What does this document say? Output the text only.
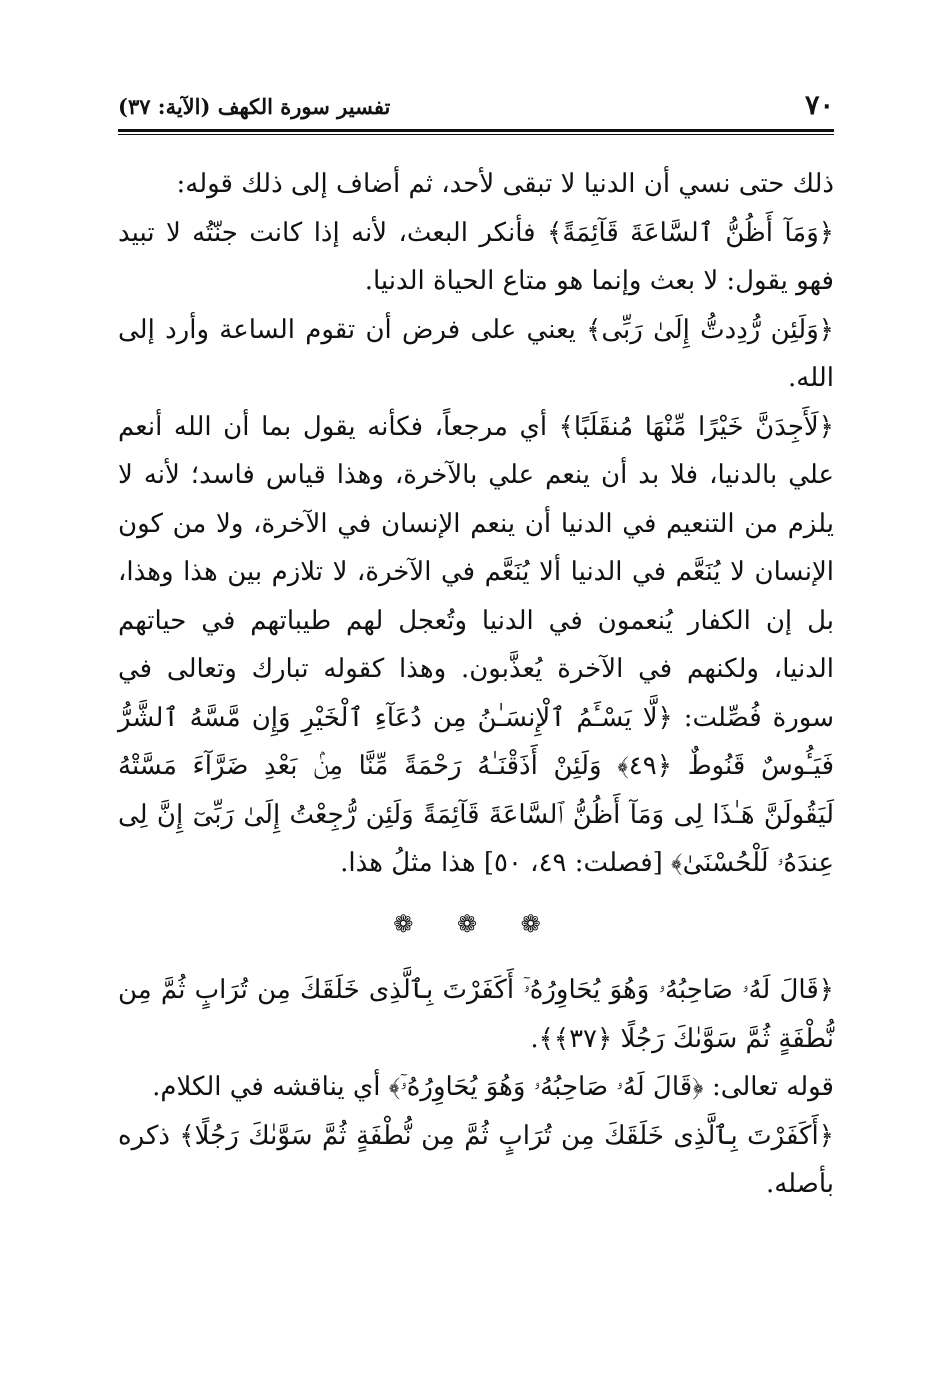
٧٠
تفسير سورة الكهف (الآية: ٣٧)

ذلك حتى نسي أن الدنيا لا تبقى لأحد، ثم أضاف إلى ذلك قوله:

﴿وَمَآ أَظُنُّ ٱلسَّاعَةَ قَآئِمَةً﴾ فأنكر البعث، لأنه إذا كانت جنّتُه لا تبيد فهو يقول: لا بعث وإنما هو متاع الحياة الدنيا.

﴿وَلَئِن رُّدِدتُّ إِلَىٰ رَبِّى﴾ يعني على فرض أن تقوم الساعة وأرد إلى الله.

﴿لَأَجِدَنَّ خَيْرًا مِّنْهَا مُنقَلَبًا﴾ أي مرجعاً، فكأنه يقول بما أن الله أنعم علي بالدنيا، فلا بد أن ينعم علي بالآخرة، وهذا قياس فاسد؛ لأنه لا يلزم من التنعيم في الدنيا أن ينعم الإنسان في الآخرة، ولا من كون الإنسان لا يُنَعَّم في الدنيا ألا يُنَعَّم في الآخرة، لا تلازم بين هذا وهذا، بل إن الكفار يُنعمون في الدنيا وتُعجل لهم طيباتهم في حياتهم الدنيا، ولكنهم في الآخرة يُعذَّبون. وهذا كقوله تبارك وتعالى في سورة فُصِّلت: ﴿لَّا يَسْـَٔمُ ٱلْإِنسَـٰنُ مِن دُعَآءِ ٱلْخَيْرِ وَإِن مَّسَّهُ ٱلشَّرُّ فَيَـُٔوسٌ قَنُوطٌ ﴿٤٩﴾ وَلَئِنْ أَذَقْنَـٰهُ رَحْمَةً مِّنَّا مِنۢ بَعْدِ ضَرَّآءَ مَسَّتْهُ لَيَقُولَنَّ هَـٰذَا لِى وَمَآ أَظُنُّ ٱلسَّاعَةَ قَآئِمَةً وَلَئِن رُّجِعْتُ إِلَىٰ رَبِّىٓ إِنَّ لِى عِندَهُۥ لَلْحُسْنَىٰ﴾ [فصلت: ٤٩، ٥٠] هذا مثلُ هذا.

❁ ❁ ❁

﴿قَالَ لَهُۥ صَاحِبُهُۥ وَهُوَ يُحَاوِرُهُۥٓ أَكَفَرْتَ بِٱلَّذِى خَلَقَكَ مِن تُرَابٍ ثُمَّ مِن نُّطْفَةٍ ثُمَّ سَوَّىٰكَ رَجُلًا ﴿٣٧﴾﴾.

قوله تعالى: ﴿قَالَ لَهُۥ صَاحِبُهُۥ وَهُوَ يُحَاوِرُهُۥٓ﴾ أي يناقشه في الكلام.

﴿أَكَفَرْتَ بِٱلَّذِى خَلَقَكَ مِن تُرَابٍ ثُمَّ مِن نُّطْفَةٍ ثُمَّ سَوَّىٰكَ رَجُلًا﴾ ذكره بأصله.
